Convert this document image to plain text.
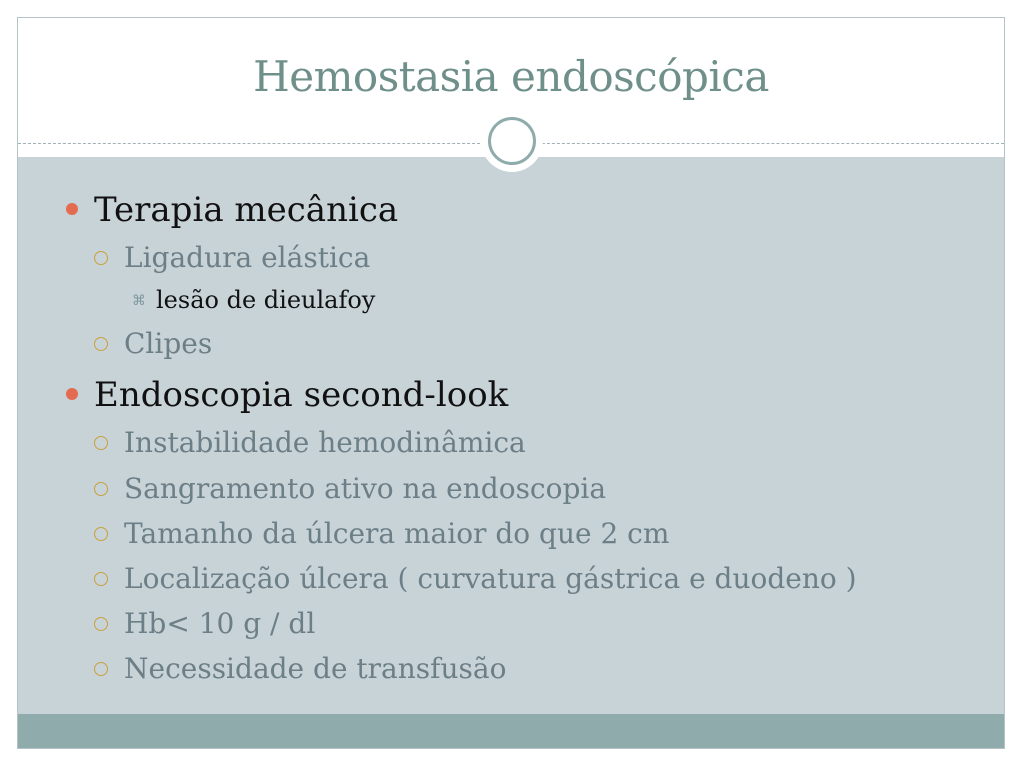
Hemostasia endoscópica
Terapia mecânica
Ligadura elástica
⌘ lesão de dieulafoy
Clipes
Endoscopia second-look
Instabilidade hemodinâmica
Sangramento ativo na endoscopia
Tamanho da úlcera maior do que 2 cm
Localização úlcera ( curvatura gástrica e duodeno )
Hb< 10 g / dl
Necessidade de transfusão
